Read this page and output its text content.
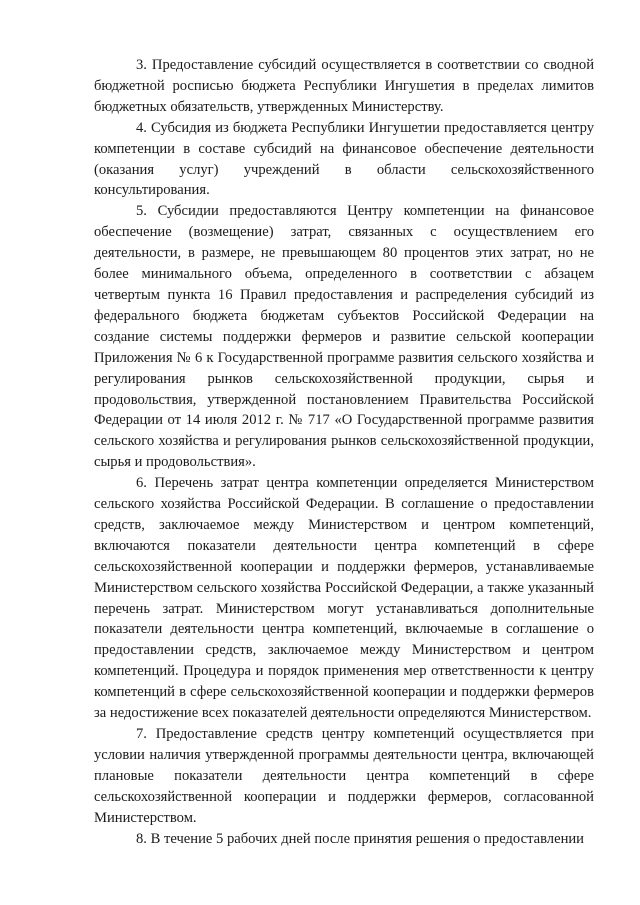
3. Предоставление субсидий осуществляется в соответствии со сводной бюджетной росписью бюджета Республики Ингушетия в пределах лимитов бюджетных обязательств, утвержденных Министерству.

4. Субсидия из бюджета Республики Ингушетии предоставляется центру компетенции в составе субсидий на финансовое обеспечение деятельности (оказания услуг) учреждений в области сельскохозяйственного консультирования.

5. Субсидии предоставляются Центру компетенции на финансовое обеспечение (возмещение) затрат, связанных с осуществлением его деятельности, в размере, не превышающем 80 процентов этих затрат, но не более минимального объема, определенного в соответствии с абзацем четвертым пункта 16 Правил предоставления и распределения субсидий из федерального бюджета бюджетам субъектов Российской Федерации на создание системы поддержки фермеров и развитие сельской кооперации Приложения № 6 к Государственной программе развития сельского хозяйства и регулирования рынков сельскохозяйственной продукции, сырья и продовольствия, утвержденной постановлением Правительства Российской Федерации от 14 июля 2012 г. № 717 «О Государственной программе развития сельского хозяйства и регулирования рынков сельскохозяйственной продукции, сырья и продовольствия».

6. Перечень затрат центра компетенции определяется Министерством сельского хозяйства Российской Федерации. В соглашение о предоставлении средств, заключаемое между Министерством и центром компетенций, включаются показатели деятельности центра компетенций в сфере сельскохозяйственной кооперации и поддержки фермеров, устанавливаемые Министерством сельского хозяйства Российской Федерации, а также указанный перечень затрат. Министерством могут устанавливаться дополнительные показатели деятельности центра компетенций, включаемые в соглашение о предоставлении средств, заключаемое между Министерством и центром компетенций. Процедура и порядок применения мер ответственности к центру компетенций в сфере сельскохозяйственной кооперации и поддержки фермеров за недостижение всех показателей деятельности определяются Министерством.

7. Предоставление средств центру компетенций осуществляется при условии наличия утвержденной программы деятельности центра, включающей плановые показатели деятельности центра компетенций в сфере сельскохозяйственной кооперации и поддержки фермеров, согласованной Министерством.

8. В течение 5 рабочих дней после принятия решения о предоставлении
